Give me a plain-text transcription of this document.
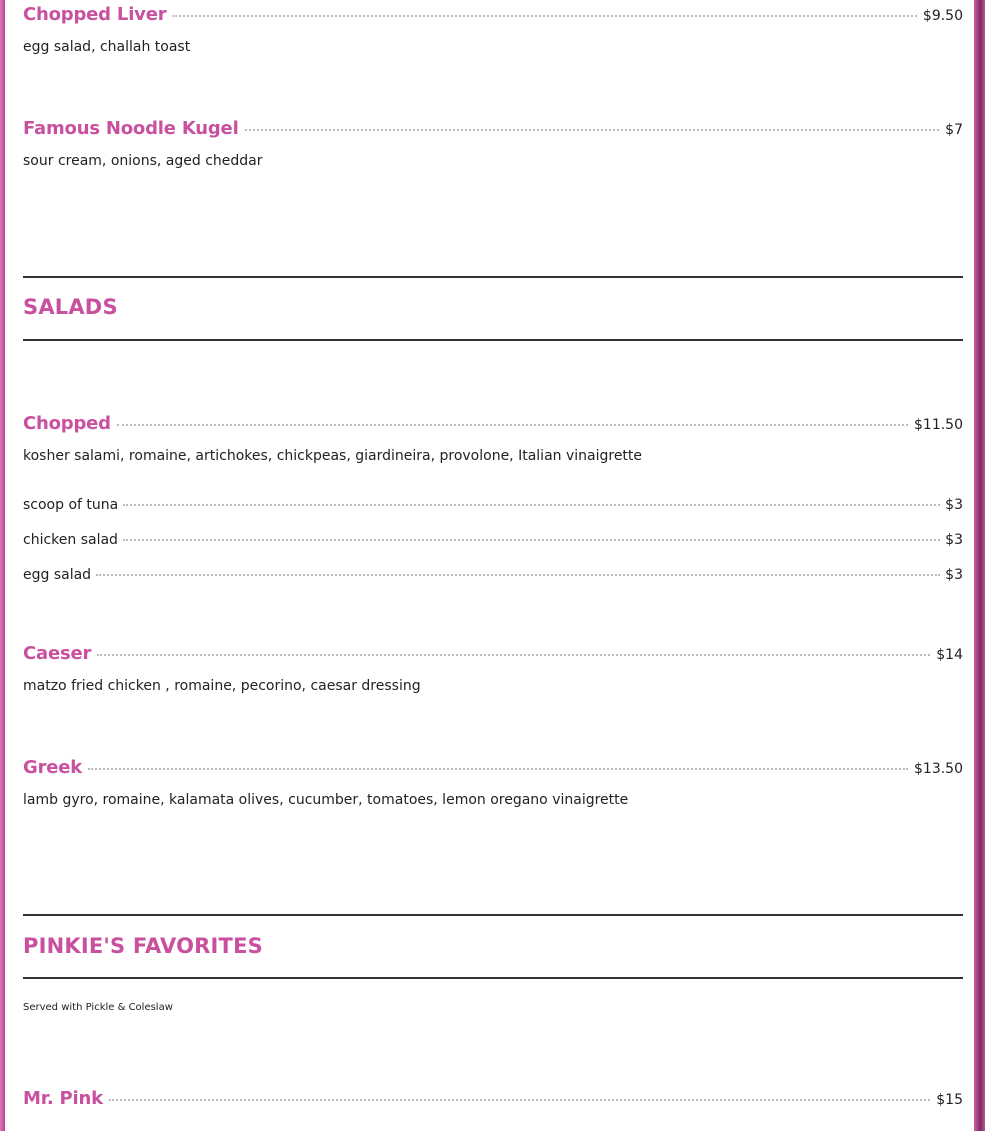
Chopped Liver	$9.50
egg salad, challah toast
Famous Noodle Kugel	$7
sour cream, onions, aged cheddar
SALADS
Chopped	$11.50
kosher salami, romaine, artichokes, chickpeas, giardineira, provolone, Italian vinaigrette
scoop of tuna	$3
chicken salad	$3
egg salad	$3
Caeser	$14
matzo fried chicken , romaine, pecorino, caesar dressing
Greek	$13.50
lamb gyro, romaine, kalamata olives, cucumber, tomatoes, lemon oregano vinaigrette
PINKIE'S FAVORITES
Served with Pickle & Coleslaw
Mr. Pink	$15
